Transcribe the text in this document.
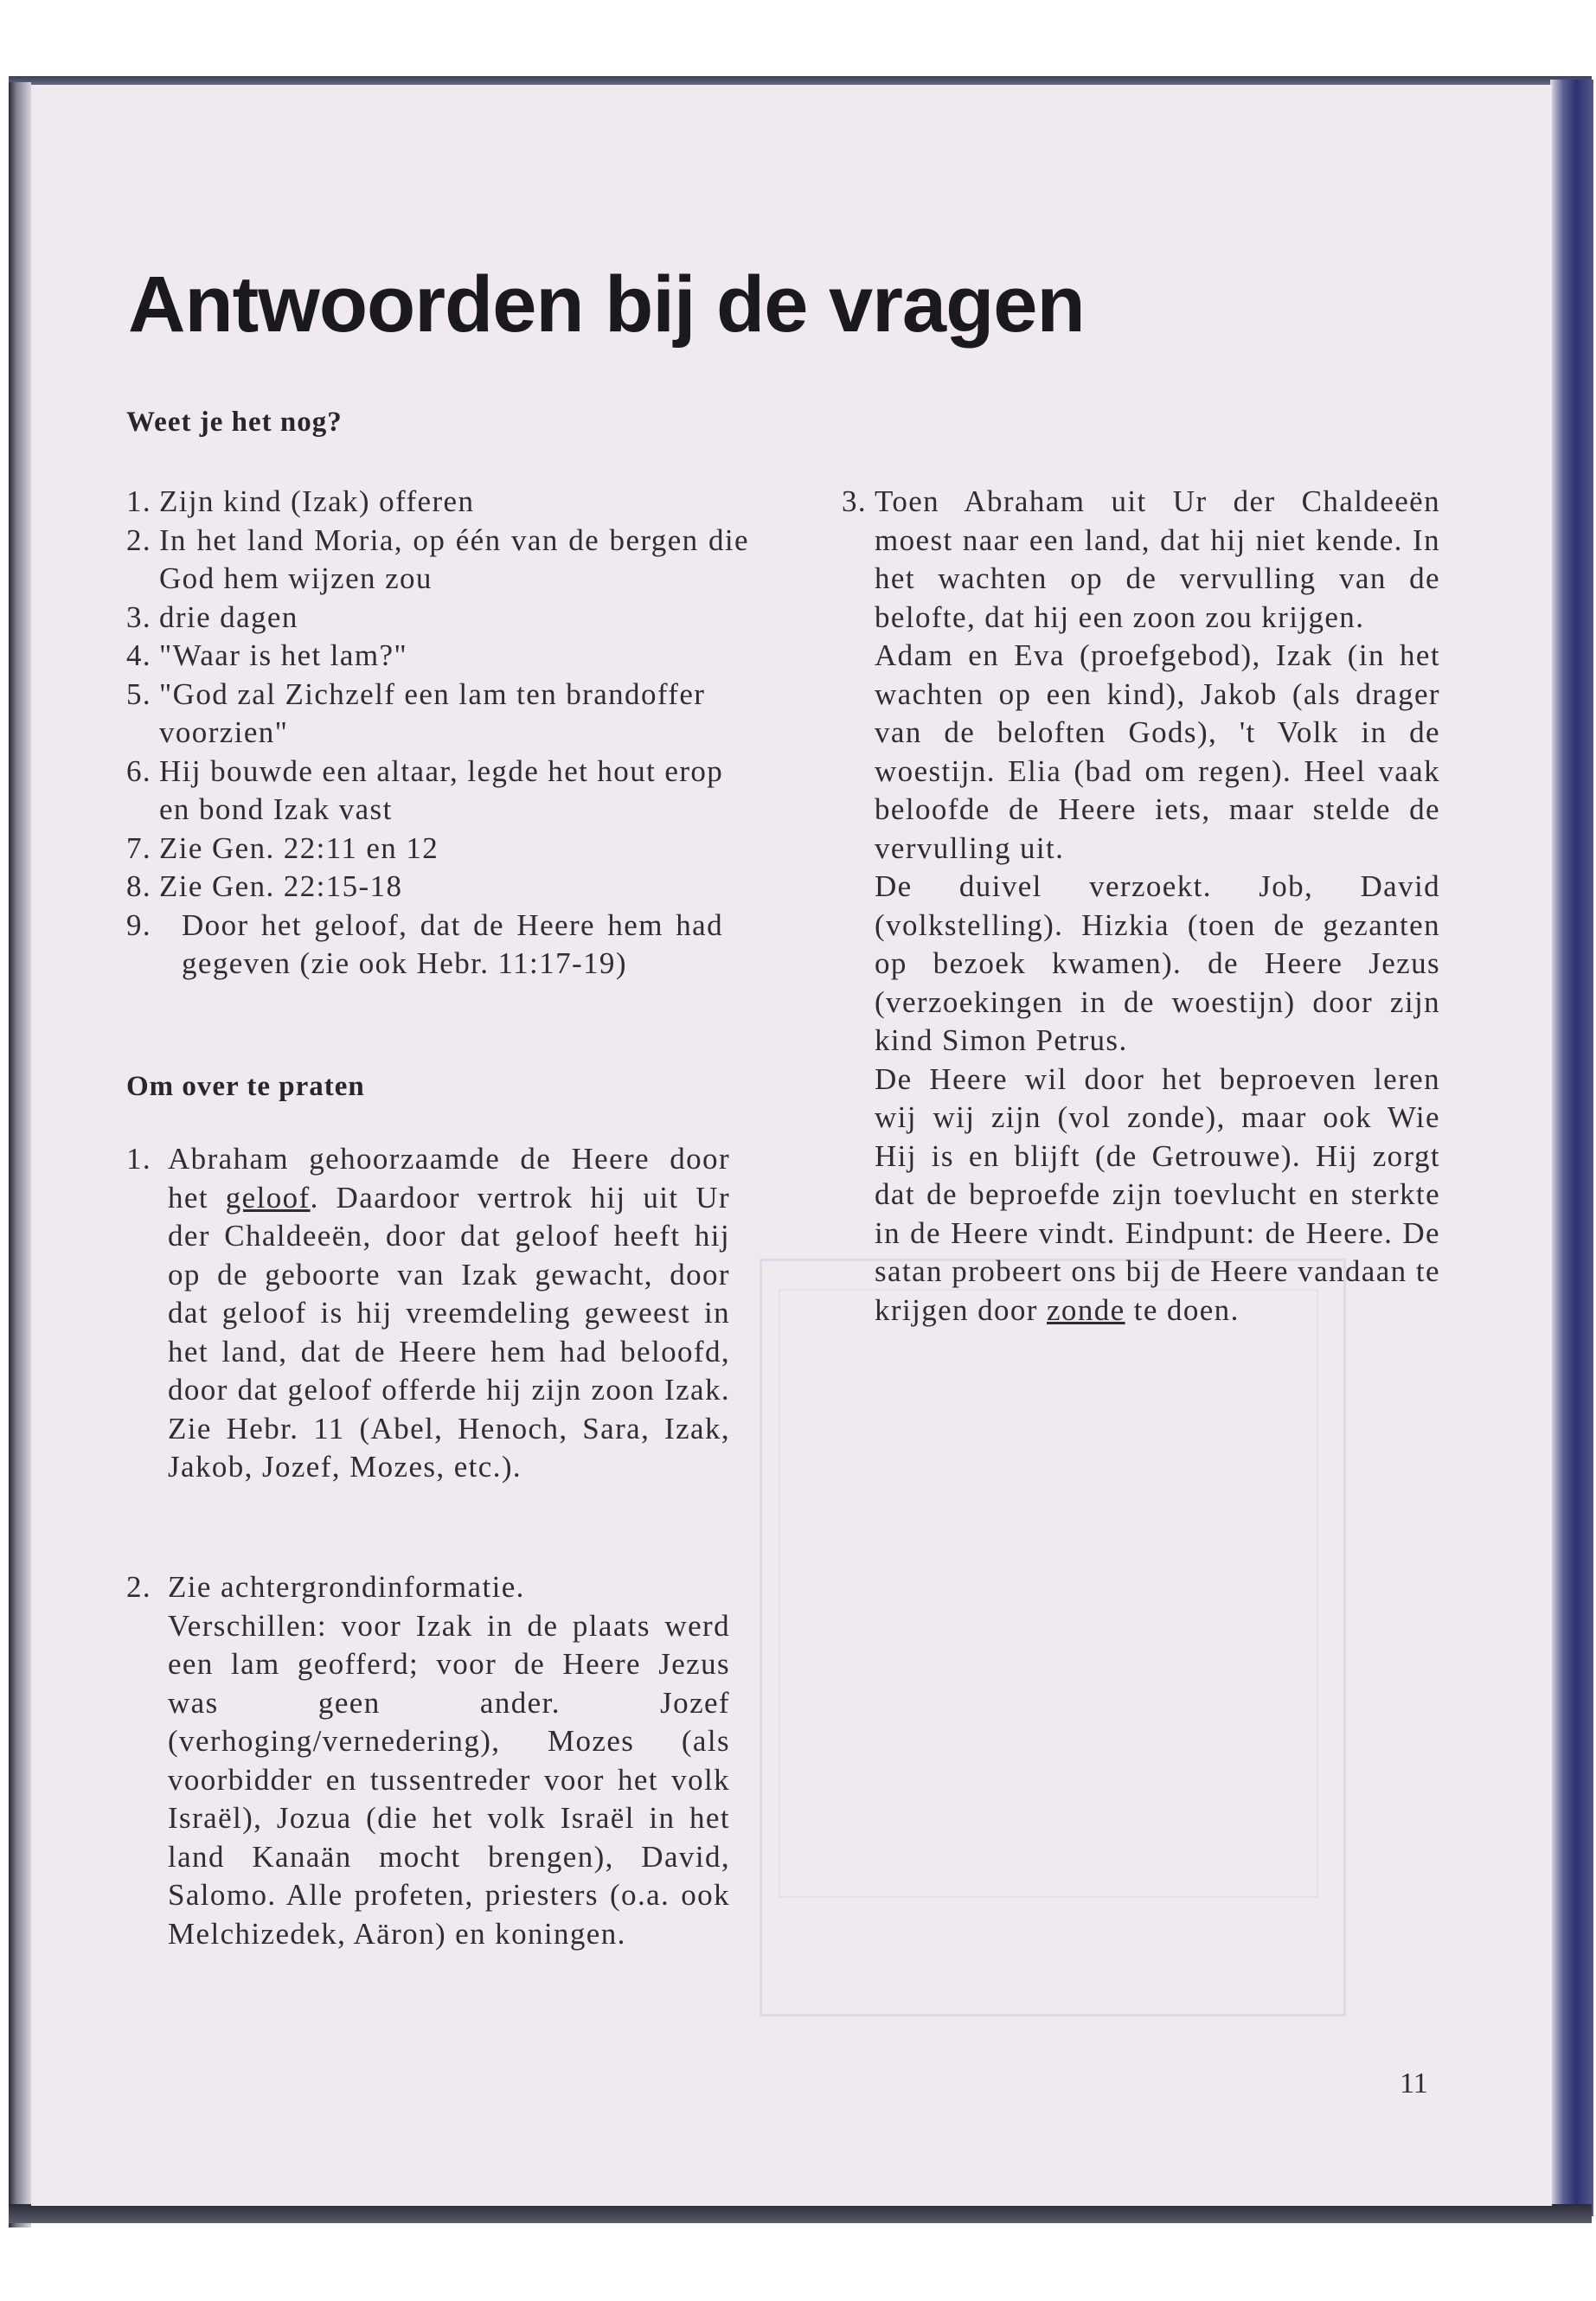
Antwoorden bij de vragen
Weet je het nog?
1. Zijn kind (Izak) offeren
2. In het land Moria, op één van de bergen die God hem wijzen zou
3. drie dagen
4. "Waar is het lam?"
5. "God zal Zichzelf een lam ten brandoffer voorzien"
6. Hij bouwde een altaar, legde het hout erop en bond Izak vast
7. Zie Gen. 22:11 en 12
8. Zie Gen. 22:15-18
9. Door het geloof, dat de Heere hem had gegeven (zie ook Hebr. 11:17-19)
Om over te praten
1. Abraham gehoorzaamde de Heere door het geloof. Daardoor vertrok hij uit Ur der Chaldeeën, door dat geloof heeft hij op de geboorte van Izak gewacht, door dat geloof is hij vreemdeling geweest in het land, dat de Heere hem had beloofd, door dat geloof offerde hij zijn zoon Izak. Zie Hebr. 11 (Abel, Henoch, Sara, Izak, Jakob, Jozef, Mozes, etc.).

2. Zie achtergrondinformatie.
Verschillen: voor Izak in de plaats werd een lam geofferd; voor de Heere Jezus was geen ander. Jozef (verhoging/vernedering), Mozes (als voorbidder en tussentreder voor het volk Israël), Jozua (die het volk Israël in het land Kanaän mocht brengen), David, Salomo. Alle profeten, priesters (o.a. ook Melchizedek, Aäron) en koningen.
3. Toen Abraham uit Ur der Chaldeeën moest naar een land, dat hij niet kende. In het wachten op de vervulling van de belofte, dat hij een zoon zou krijgen.

Adam en Eva (proefgebod), Izak (in het wachten op een kind), Jakob (als drager van de beloften Gods), 't Volk in de woestijn. Elia (bad om regen). Heel vaak beloofde de Heere iets, maar stelde de vervulling uit.

De duivel verzoekt. Job, David (volkstelling). Hizkia (toen de gezanten op bezoek kwamen). de Heere Jezus (verzoekingen in de woestijn) door zijn kind Simon Petrus.

De Heere wil door het beproeven leren wij wij zijn (vol zonde), maar ook Wie Hij is en blijft (de Getrouwe). Hij zorgt dat de beproefde zijn toevlucht en sterkte in de Heere vindt. Eindpunt: de Heere. De satan probeert ons bij de Heere vandaan te krijgen door zonde te doen.

11
